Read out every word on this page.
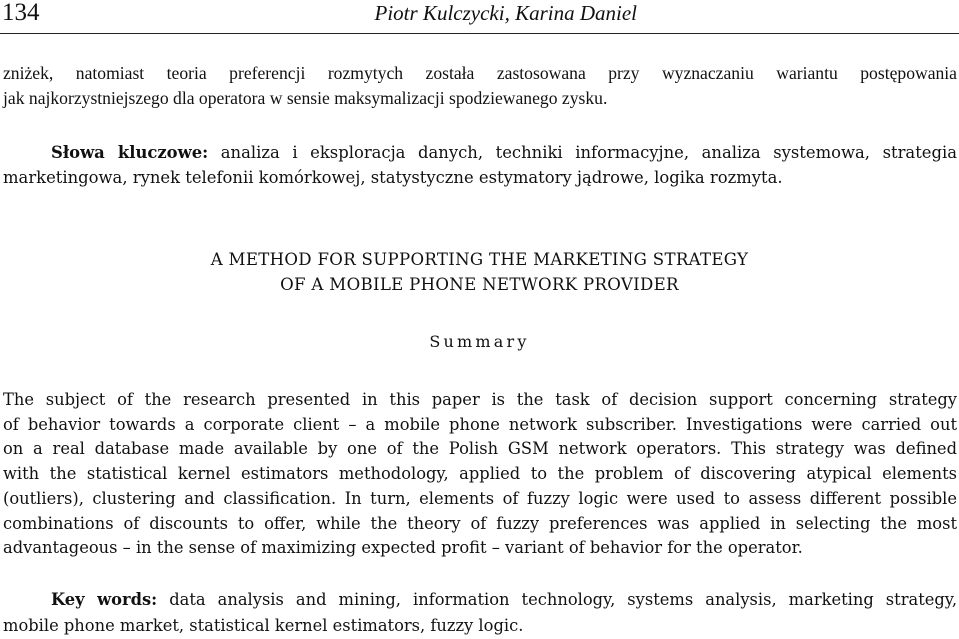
134	Piotr Kulczycki, Karina Daniel
zniżek, natomiast teoria preferencji rozmytych została zastosowana przy wyznaczaniu wariantu postępowania
jak najkorzystniejszego dla operatora w sensie maksymalizacji spodziewanego zysku.
Słowa kluczowe: analiza i eksploracja danych, techniki informacyjne, analiza systemowa, strategia
marketingowa, rynek telefonii komórkowej, statystyczne estymatory jądrowe, logika rozmyta.
A METHOD FOR SUPPORTING THE MARKETING STRATEGY
OF A MOBILE PHONE NETWORK PROVIDER
Summary
The subject of the research presented in this paper is the task of decision support concerning strategy
of behavior towards a corporate client – a mobile phone network subscriber. Investigations were carried out
on a real database made available by one of the Polish GSM network operators. This strategy was defined
with the statistical kernel estimators methodology, applied to the problem of discovering atypical elements
(outliers), clustering and classification. In turn, elements of fuzzy logic were used to assess different possible
combinations of discounts to offer, while the theory of fuzzy preferences was applied in selecting the most
advantageous – in the sense of maximizing expected profit – variant of behavior for the operator.
Key words: data analysis and mining, information technology, systems analysis, marketing strategy,
mobile phone market, statistical kernel estimators, fuzzy logic.
